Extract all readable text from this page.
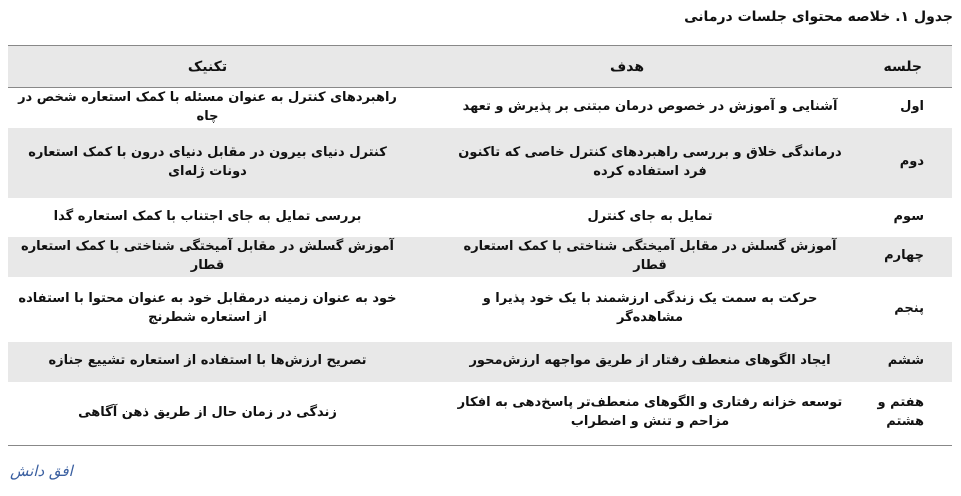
جدول ۱. خلاصه محتوای جلسات درمانی
جلسه	هدف	تکنیک
اول	آشنایی و آموزش در خصوص درمان مبتنی بر پذیرش و تعهد	راهبردهای کنترل به عنوان مسئله با کمک استعاره شخص در چاه
دوم	درماندگی خلاق و بررسی راهبردهای کنترل خاصی که تاکنون فرد استفاده کرده	کنترل دنیای بیرون در مقابل دنیای درون با کمک استعاره دونات ژله‌ای
سوم	تمایل به جای کنترل	بررسی تمایل به جای اجتناب با کمک استعاره گدا
چهارم	آموزش گسلش در مقابل آمیختگی شناختی با کمک استعاره قطار	آموزش گسلش در مقابل آمیختگی شناختی با کمک استعاره قطار
پنجم	حرکت به سمت یک زندگی ارزشمند با یک خود پذیرا و مشاهده‌گر	خود به عنوان زمینه درمقابل خود به عنوان محتوا با استفاده از استعاره شطرنج
ششم	ایجاد الگوهای منعطف رفتار از طریق مواجهه ارزش‌محور	تصریح ارزش‌ها با استفاده از استعاره تشییع جنازه
هفتم و هشتم	توسعه خزانه رفتاری و الگوهای منعطف‌تر پاسخ‌دهی به افکار مزاحم و تنش و اضطراب	زندگی در زمان حال از طریق ذهن آگاهی
افق دانش
